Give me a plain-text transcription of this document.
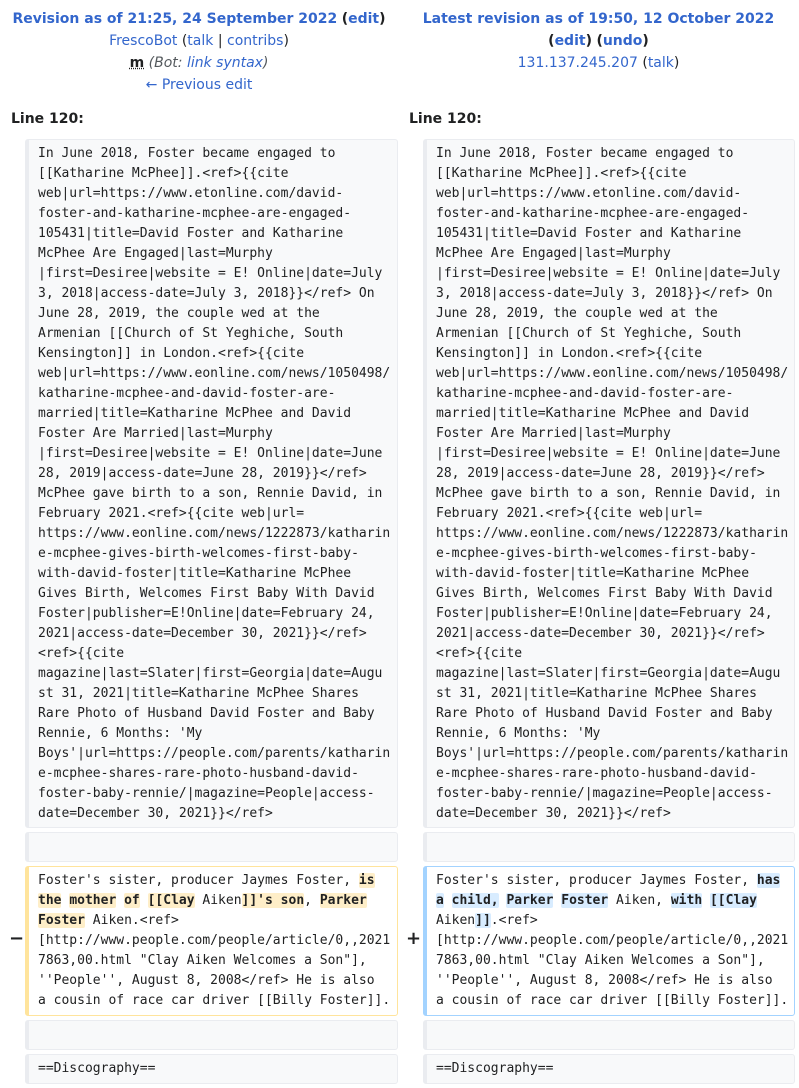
Revision as of 21:25, 24 September 2022 (edit)
FrescoBot (talk | contribs)
m (Bot: link syntax)
← Previous edit
Latest revision as of 19:50, 12 October 2022
(edit) (undo)
131.137.245.207 (talk)
Line 120:	Line 120:

In June 2018, Foster became engaged to
[[Katharine McPhee]].<ref>{{cite
web|url=https://www.etonline.com/david-
foster-and-katharine-mcphee-are-engaged-
105431|title=David Foster and Katharine
McPhee Are Engaged|last=Murphy
|first=Desiree|website = E! Online|date=July
3, 2018|access-date=July 3, 2018}}</ref> On
June 28, 2019, the couple wed at the
Armenian [[Church of St Yeghiche, South
Kensington]] in London.<ref>{{cite
web|url=https://www.eonline.com/news/1050498/
katharine-mcphee-and-david-foster-are-
married|title=Katharine McPhee and David
Foster Are Married|last=Murphy
|first=Desiree|website = E! Online|date=June
28, 2019|access-date=June 28, 2019}}</ref>
McPhee gave birth to a son, Rennie David, in
February 2021.<ref>{{cite web|url=
https://www.eonline.com/news/1222873/katharin
e-mcphee-gives-birth-welcomes-first-baby-
with-david-foster|title=Katharine McPhee
Gives Birth, Welcomes First Baby With David
Foster|publisher=E!Online|date=February 24,
2021|access-date=December 30, 2021}}</ref>
<ref>{{cite
magazine|last=Slater|first=Georgia|date=Augu
st 31, 2021|title=Katharine McPhee Shares
Rare Photo of Husband David Foster and Baby
Rennie, 6 Months: 'My
Boys'|url=https://people.com/parents/katharin
e-mcphee-shares-rare-photo-husband-david-
foster-baby-rennie/|magazine=People|access-
date=December 30, 2021}}</ref>

In June 2018, Foster became engaged to
[[Katharine McPhee]].<ref>{{cite
web|url=https://www.etonline.com/david-
foster-and-katharine-mcphee-are-engaged-
105431|title=David Foster and Katharine
McPhee Are Engaged|last=Murphy
|first=Desiree|website = E! Online|date=July
3, 2018|access-date=July 3, 2018}}</ref> On
June 28, 2019, the couple wed at the
Armenian [[Church of St Yeghiche, South
Kensington]] in London.<ref>{{cite
web|url=https://www.eonline.com/news/1050498/
katharine-mcphee-and-david-foster-are-
married|title=Katharine McPhee and David
Foster Are Married|last=Murphy
|first=Desiree|website = E! Online|date=June
28, 2019|access-date=June 28, 2019}}</ref>
McPhee gave birth to a son, Rennie David, in
February 2021.<ref>{{cite web|url=
https://www.eonline.com/news/1222873/katharin
e-mcphee-gives-birth-welcomes-first-baby-
with-david-foster|title=Katharine McPhee
Gives Birth, Welcomes First Baby With David
Foster|publisher=E!Online|date=February 24,
2021|access-date=December 30, 2021}}</ref>
<ref>{{cite
magazine|last=Slater|first=Georgia|date=Augu
st 31, 2021|title=Katharine McPhee Shares
Rare Photo of Husband David Foster and Baby
Rennie, 6 Months: 'My
Boys'|url=https://people.com/parents/katharin
e-mcphee-shares-rare-photo-husband-david-
foster-baby-rennie/|magazine=People|access-
date=December 30, 2021}}</ref>

−

Foster's sister, producer Jaymes Foster, is
the mother of [[Clay Aiken]]'s son, Parker
Foster Aiken.<ref>
[http://www.people.com/people/article/0,,2021
7863,00.html "Clay Aiken Welcomes a Son"],
''People'', August 8, 2008</ref> He is also
a cousin of race car driver [[Billy Foster]].

+

Foster's sister, producer Jaymes Foster, has
a child, Parker Foster Aiken, with [[Clay
Aiken]].<ref>
[http://www.people.com/people/article/0,,2021
7863,00.html "Clay Aiken Welcomes a Son"],
''People'', August 8, 2008</ref> He is also
a cousin of race car driver [[Billy Foster]].

==Discography==

	==Discography==
